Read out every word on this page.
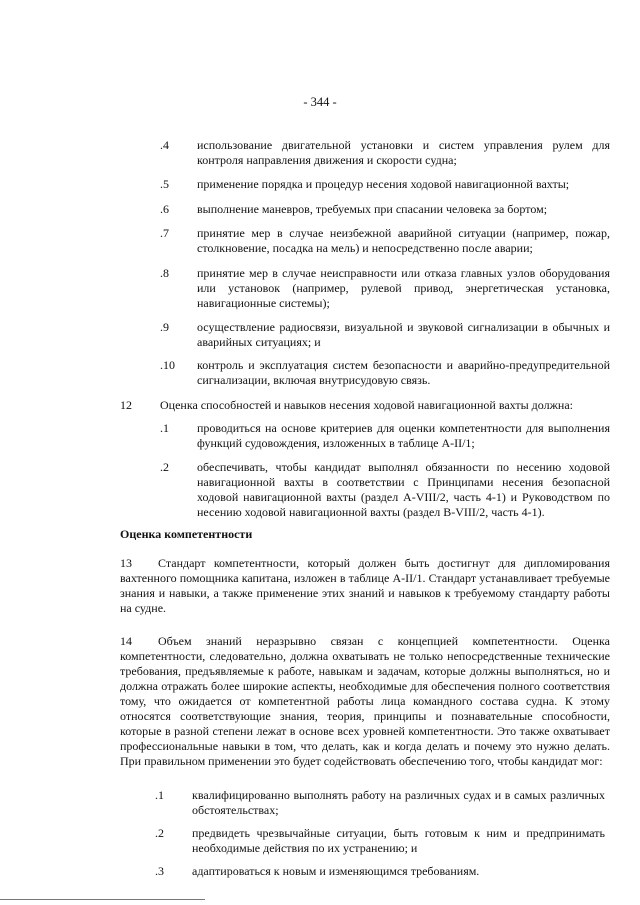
- 344 -
.4	использование двигательной установки и систем управления рулем для контроля направления движения и скорости судна;
.5	применение порядка и процедур несения ходовой навигационной вахты;
.6	выполнение маневров, требуемых при спасании человека за бортом;
.7	принятие мер в случае неизбежной аварийной ситуации (например, пожар, столкновение, посадка на мель) и непосредственно после аварии;
.8	принятие мер в случае неисправности или отказа главных узлов оборудования или установок (например, рулевой привод, энергетическая установка, навигационные системы);
.9	осуществление радиосвязи, визуальной и звуковой сигнализации в обычных и аварийных ситуациях; и
.10	контроль и эксплуатация систем безопасности и аварийно-предупредительной сигнализации, включая внутрисудовую связь.
12 Оценка способностей и навыков несения ходовой навигационной вахты должна:
.1	проводиться на основе критериев для оценки компетентности для выполнения функций судовождения, изложенных в таблице A-II/1;
.2	обеспечивать, чтобы кандидат выполнял обязанности по несению ходовой навигационной вахты в соответствии с Принципами несения безопасной ходовой навигационной вахты (раздел A-VIII/2, часть 4-1) и Руководством по несению ходовой навигационной вахты (раздел B-VIII/2, часть 4-1).
Оценка компетентности
13 Стандарт компетентности, который должен быть достигнут для дипломирования вахтенного помощника капитана, изложен в таблице A-II/1. Стандарт устанавливает требуемые знания и навыки, а также применение этих знаний и навыков к требуемому стандарту работы на судне.
14 Объем знаний неразрывно связан с концепцией компетентности. Оценка компетентности, следовательно, должна охватывать не только непосредственные технические требования, предъявляемые к работе, навыкам и задачам, которые должны выполняться, но и должна отражать более широкие аспекты, необходимые для обеспечения полного соответствия тому, что ожидается от компетентной работы лица командного состава судна. К этому относятся соответствующие знания, теория, принципы и познавательные способности, которые в разной степени лежат в основе всех уровней компетентности. Это также охватывает профессиональные навыки в том, что делать, как и когда делать и почему это нужно делать. При правильном применении это будет содействовать обеспечению того, чтобы кандидат мог:
.1	квалифицированно выполнять работу на различных судах и в самых различных обстоятельствах;
.2	предвидеть чрезвычайные ситуации, быть готовым к ним и предпринимать необходимые действия по их устранению; и
.3	адаптироваться к новым и изменяющимся требованиям.
